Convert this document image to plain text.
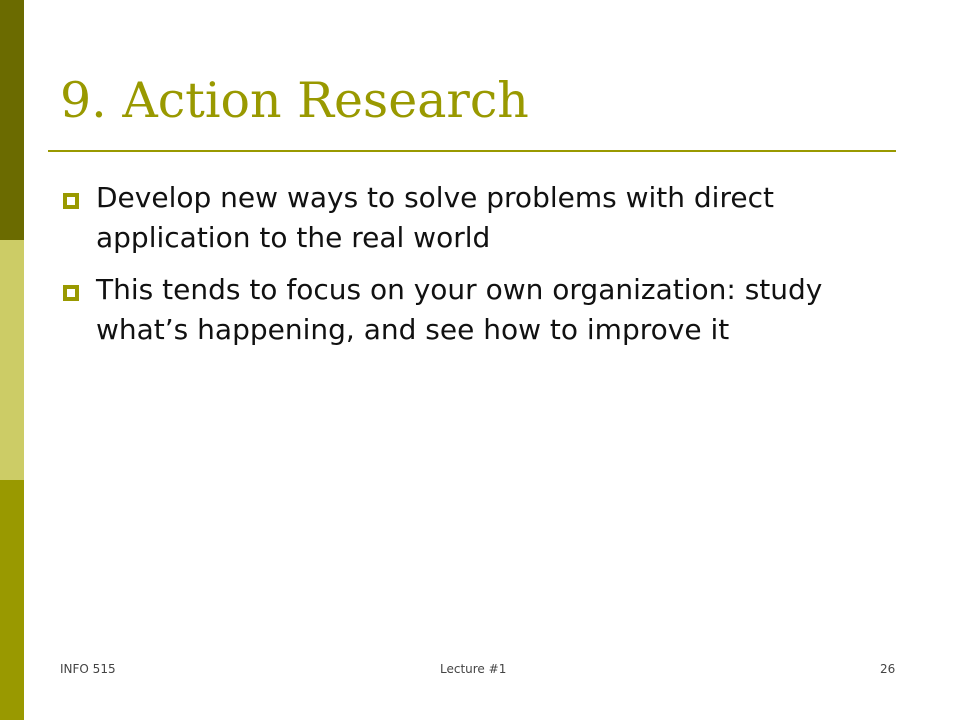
9. Action Research
Develop new ways to solve problems with direct application to the real world
This tends to focus on your own organization: study what’s happening, and see how to improve it
INFO 515	Lecture #1	26
